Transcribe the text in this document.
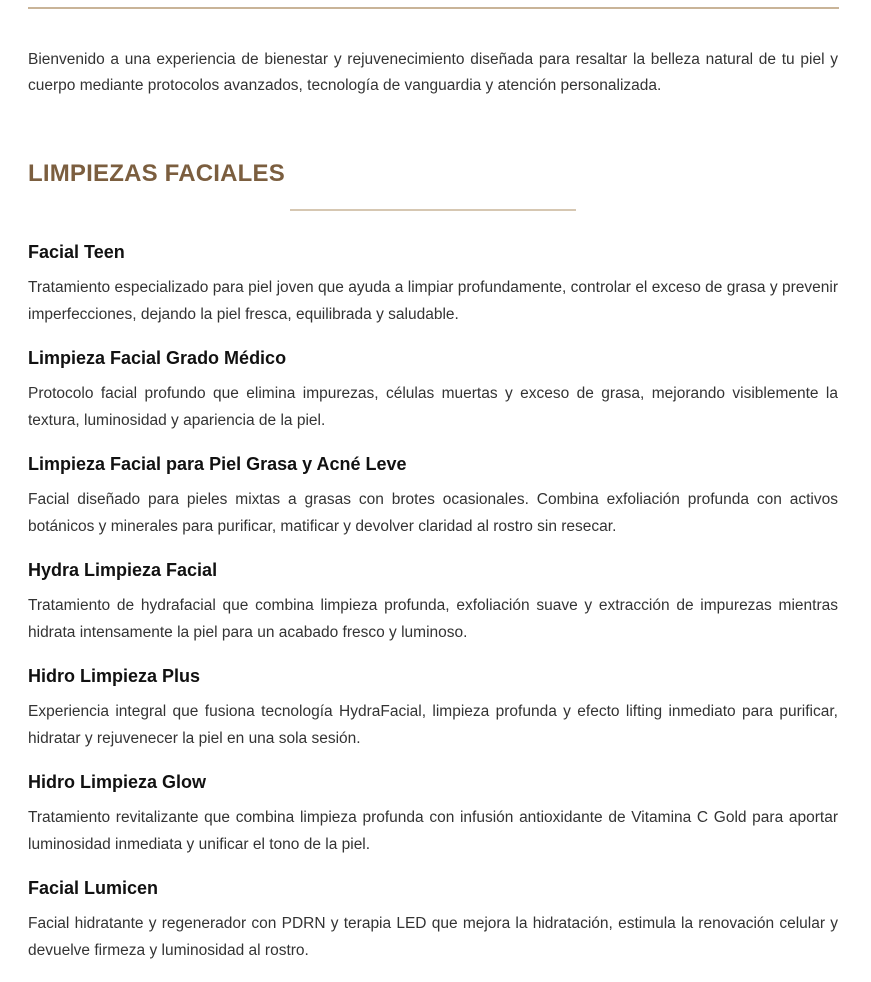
Bienvenido a una experiencia de bienestar y rejuvenecimiento diseñada para resaltar la belleza natural de tu piel y cuerpo mediante protocolos avanzados, tecnología de vanguardia y atención personalizada.

LIMPIEZAS FACIALES
Facial Teen

Tratamiento especializado para piel joven que ayuda a limpiar profundamente, controlar el exceso de grasa y prevenir imperfecciones, dejando la piel fresca, equilibrada y saludable.

Limpieza Facial Grado Médico

Protocolo facial profundo que elimina impurezas, células muertas y exceso de grasa, mejorando visiblemente la textura, luminosidad y apariencia de la piel.

Limpieza Facial para Piel Grasa y Acné Leve

Facial diseñado para pieles mixtas a grasas con brotes ocasionales. Combina exfoliación profunda con activos botánicos y minerales para purificar, matificar y devolver claridad al rostro sin resecar.

Hydra Limpieza Facial

Tratamiento de hydrafacial que combina limpieza profunda, exfoliación suave y extracción de impurezas mientras hidrata intensamente la piel para un acabado fresco y luminoso.

Hidro Limpieza Plus

Experiencia integral que fusiona tecnología HydraFacial, limpieza profunda y efecto lifting inmediato para purificar, hidratar y rejuvenecer la piel en una sola sesión.

Hidro Limpieza Glow

Tratamiento revitalizante que combina limpieza profunda con infusión antioxidante de Vitamina C Gold para aportar luminosidad inmediata y unificar el tono de la piel.

Facial Lumicen

Facial hidratante y regenerador con PDRN y terapia LED que mejora la hidratación, estimula la renovación celular y devuelve firmeza y luminosidad al rostro.
